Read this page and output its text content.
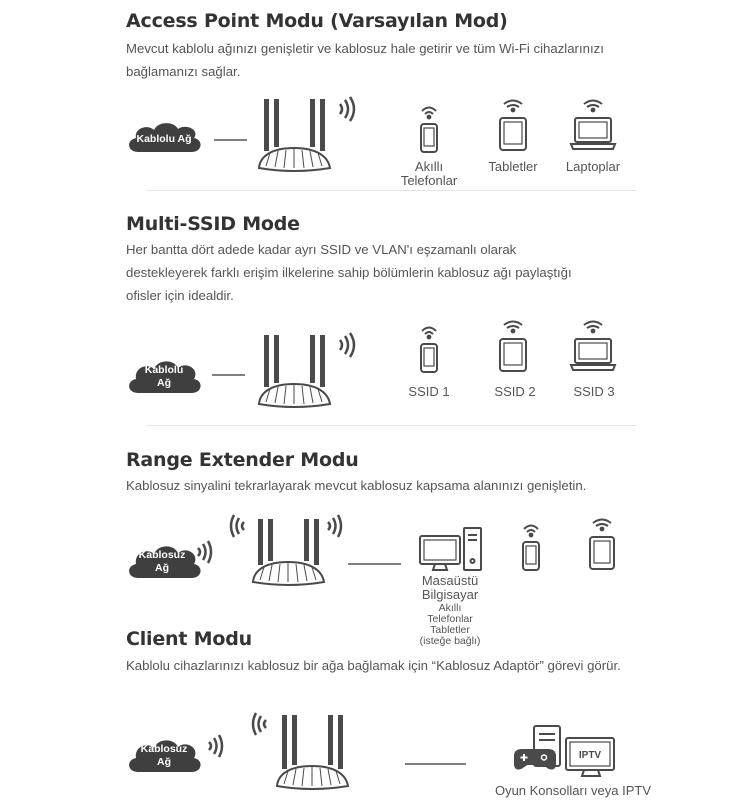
Access Point Modu (Varsayılan Mod)
Mevcut kablolu ağınızı genişletir ve kablosuz hale getirir ve tüm Wi-Fi cihazlarınızı bağlamanızı sağlar.
Kablolu Ağ
Akıllı Telefonlar
Tabletler	Laptoplar
Multi-SSID Mode
Her bantta dört adede kadar ayrı SSID ve VLAN'ı eşzamanlı olarak destekleyerek farklı erişim ilkelerine sahip bölümlerin kablosuz ağı paylaştığı ofisler için idealdir.
Kablolu
Ağ
SSID 1	SSID 2	SSID 3
Range Extender Modu
Kablosuz sinyalini tekrarlayarak mevcut kablosuz kapsama alanınızı genişletin.
Kablosuz
Ağ
Masaüstü Bilgisayar
Akıllı
Telefonlar
Tabletler
(isteğe bağlı)
Client Modu
Kablolu cihazlarınızı kablosuz bir ağa bağlamak için “Kablosuz Adaptör” görevi görür.
Kablosuz
Ağ
IPTV
Oyun Konsolları veya IPTV
